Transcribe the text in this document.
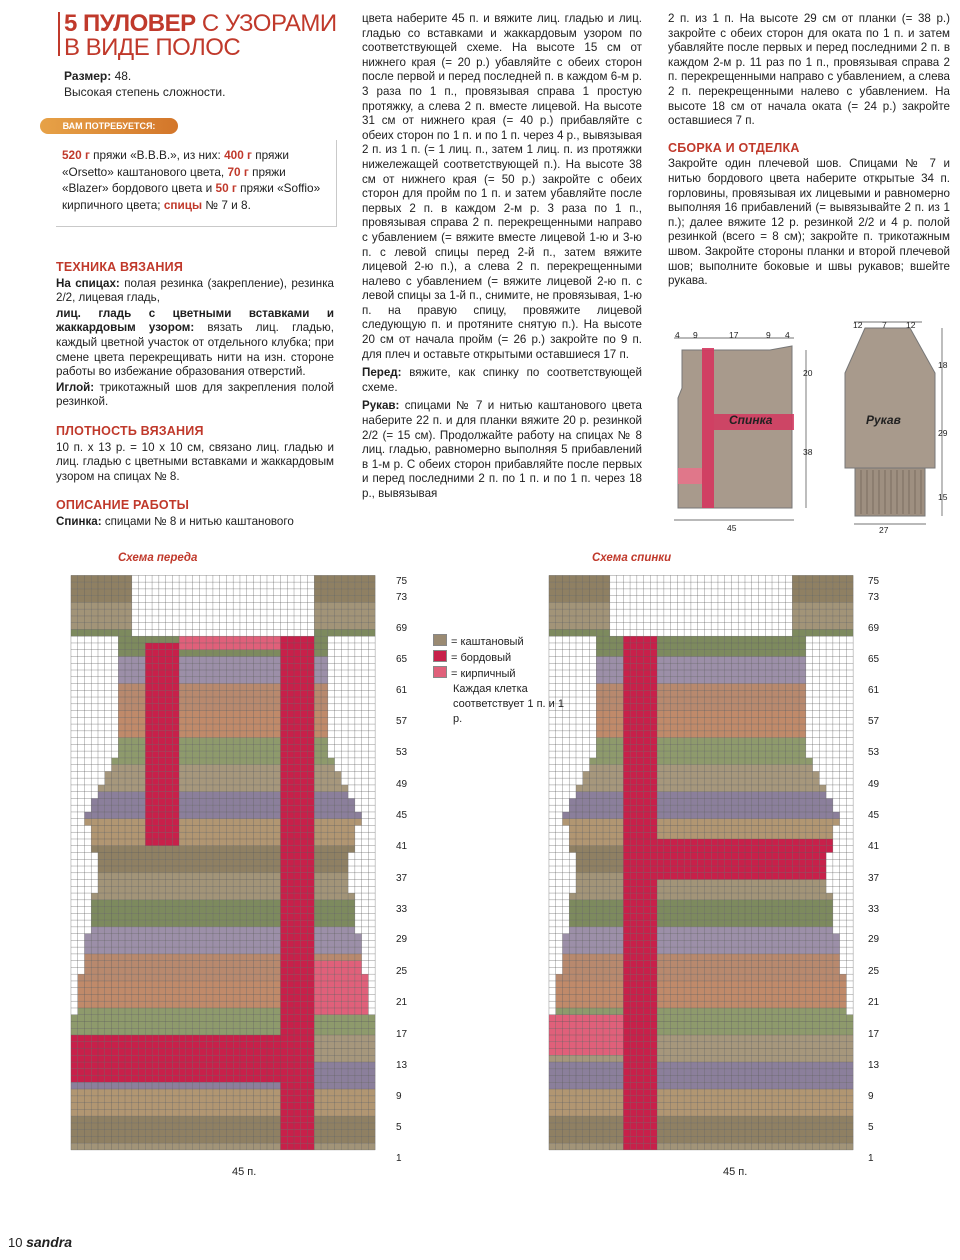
5 ПУЛОВЕР С УЗОРАМИ
В ВИДЕ ПОЛОС
Размер: 48.
Высокая степень сложности.
ВАМ ПОТРЕБУЕТСЯ:
520 г пряжи «В.В.В.», из них: 400 г пряжи «Orsetto» каштанового цвета, 70 г пряжи «Blazer» бордового цвета и 50 г пряжи «Soffio» кирпичного цвета; спицы № 7 и 8.
ТЕХНИКА ВЯЗАНИЯ

На спицах: полая резинка (закрепление), резинка 2/2, лицевая гладь,

лиц. гладь с цветными вставками и жаккардовым узором: вязать лиц. гладью, каждый цветной участок от отдельного клубка; при смене цвета перекрещивать нити на изн. стороне работы во избежание образования отверстий.

Иглой: трикотажный шов для закрепления полой резинкой.

ПЛОТНОСТЬ ВЯЗАНИЯ

10 п. х 13 р. = 10 х 10 см, связано лиц. гладью и лиц. гладью с цветными вставками и жаккардовым узором на спицах № 8.

ОПИСАНИЕ РАБОТЫ

Спинка: спицами № 8 и нитью каштанового

цвета наберите 45 п. и вяжите лиц. гладью и лиц. гладью со вставками и жаккардовым узором по соответствующей схеме. На высоте 15 см от нижнего края (= 20 р.) убавляйте с обеих сторон после первой и перед последней п. в каждом 6-м р. 3 раза по 1 п., провязывая справа 1 простую протяжку, а слева 2 п. вместе лицевой. На высоте 31 см от нижнего края (= 40 р.) прибавляйте с обеих сторон по 1 п. и по 1 п. через 4 р., вывязывая 2 п. из 1 п. (= 1 лиц. п., затем 1 лиц. п. из протяжки нижележащей соответствующей п.). На высоте 38 см от нижнего края (= 50 р.) закройте с обеих сторон для пройм по 1 п. и затем убавляйте после первых 2 п. в каждом 2-м р. 3 раза по 1 п., провязывая справа 2 п. перекрещенными направо с убавлением (= вяжите вместе лицевой 1-ю и 3-ю п. с левой спицы перед 2-й п., затем вяжите лицевой 2-ю п.), а слева 2 п. перекрещенными налево с убавлением (= вяжите лицевой 2-ю п. с левой спицы за 1-й п., снимите, не провязывая, 1-ю п. на правую спицу, провяжите лицевой следующую п. и протяните снятую п.). На высоте 20 см от начала пройм (= 26 р.) закройте по 9 п. для плеч и оставьте открытыми оставшиеся 17 п.

Перед: вяжите, как спинку по соответствующей схеме.

Рукав: спицами № 7 и нитью каштанового цвета наберите 22 п. и для планки вяжите 20 р. резинкой 2/2 (= 15 см). Продолжайте работу на спицах № 8 лиц. гладью, равномерно выполняя 5 прибавлений в 1-м р. С обеих сторон прибавляйте после первых и перед последними 2 п. по 1 п. и по 1 п. через 18 р., вывязывая

2 п. из 1 п. На высоте 29 см от планки (= 38 р.) закройте с обеих сторон для оката по 1 п. и затем убавляйте после первых и перед последними 2 п. в каждом 2-м р. 11 раз по 1 п., провязывая справа 2 п. перекрещенными направо с убавлением, а слева 2 п. перекрещенными налево с убавлением. На высоте 18 см от начала оката (= 24 р.) закройте оставшиеся 7 п.

СБОРКА И ОТДЕЛКА

Закройте один плечевой шов. Спицами № 7 и нитью бордового цвета наберите открытые 34 п. горловины, провязывая их лицевыми и равномерно выполняя 16 прибавлений (= вывязывайте 2 п. из 1 п.); далее вяжите 12 р. резинкой 2/2 и 4 р. полой резинкой (всего = 8 см); закройте п. трикотажным швом. Закройте стороны планки и второй плечевой шов; выполните боковые и швы рукавов; вшейте рукава.

Спинка	Рукав
4 9	17	9 4
20
38
45
12 7 12
18
29
15
27
Схема переда	Схема спинки
75
73
69
65
61
57
53
49
45
41
37
33
29
25
21
17
13
9
5
1
75
73
69
65
61
57
53
49
45
41
37
33
29
25
21
17
13
9
5
1
45 п.	45 п.
= каштановый
= бордовый
= кирпичный
Каждая клетка соответствует 1 п. и 1 р.
10 sandra
